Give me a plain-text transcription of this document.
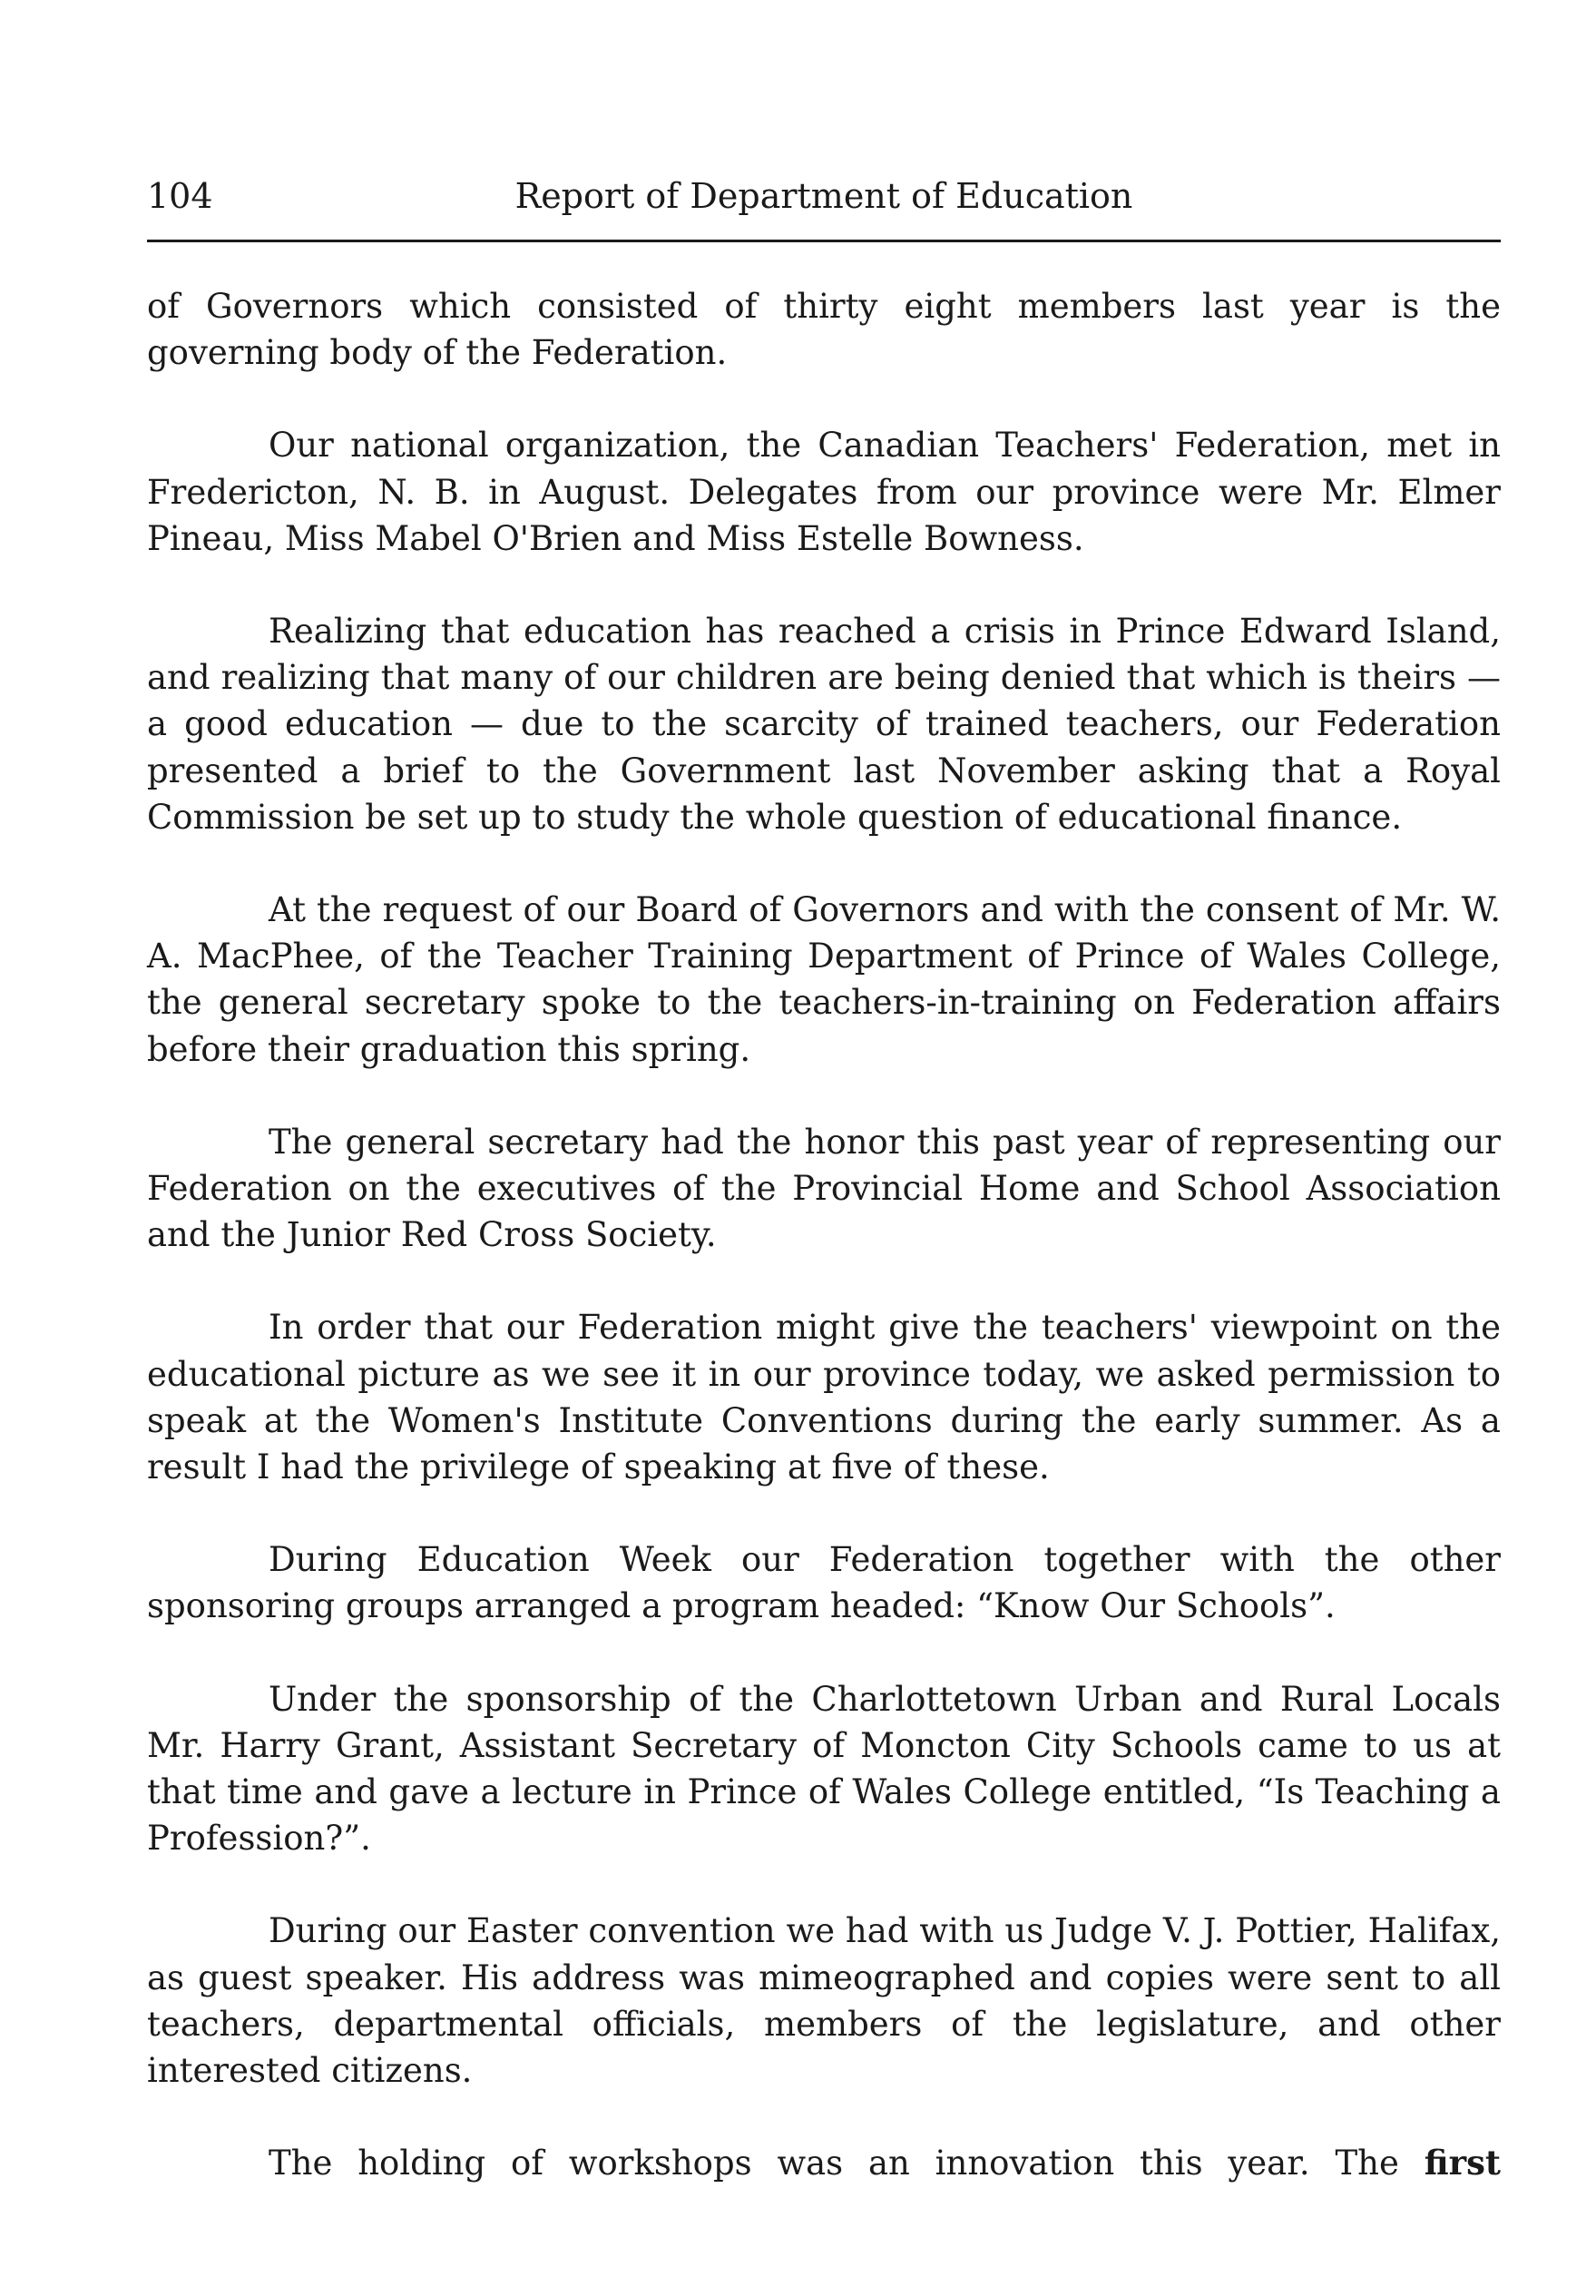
104	Report of Department of Education

of Governors which consisted of thirty eight members last year is the governing body of the Federation.

Our national organization, the Canadian Teachers' Federation, met in Fredericton, N. B. in August. Delegates from our province were Mr. Elmer Pineau, Miss Mabel O'Brien and Miss Estelle Bowness.

Realizing that education has reached a crisis in Prince Edward Island, and realizing that many of our children are being denied that which is theirs — a good education — due to the scarcity of trained teachers, our Federation presented a brief to the Government last November asking that a Royal Commission be set up to study the whole question of educational finance.

At the request of our Board of Governors and with the consent of Mr. W. A. MacPhee, of the Teacher Training Department of Prince of Wales College, the general secretary spoke to the teachers-in-training on Federation affairs before their graduation this spring.

The general secretary had the honor this past year of representing our Federation on the executives of the Provincial Home and School Association and the Junior Red Cross Society.

In order that our Federation might give the teachers' viewpoint on the educational picture as we see it in our province today, we asked permission to speak at the Women's Institute Conventions during the early summer. As a result I had the privilege of speaking at five of these.

During Education Week our Federation together with the other sponsoring groups arranged a program headed: “Know Our Schools”.

Under the sponsorship of the Charlottetown Urban and Rural Locals Mr. Harry Grant, Assistant Secretary of Moncton City Schools came to us at that time and gave a lecture in Prince of Wales College entitled, “Is Teaching a Profession?”.

During our Easter convention we had with us Judge V. J. Pottier, Halifax, as guest speaker. His address was mimeographed and copies were sent to all teachers, departmental officials, members of the legislature, and other interested citizens.

The holding of workshops was an innovation this year. The first
